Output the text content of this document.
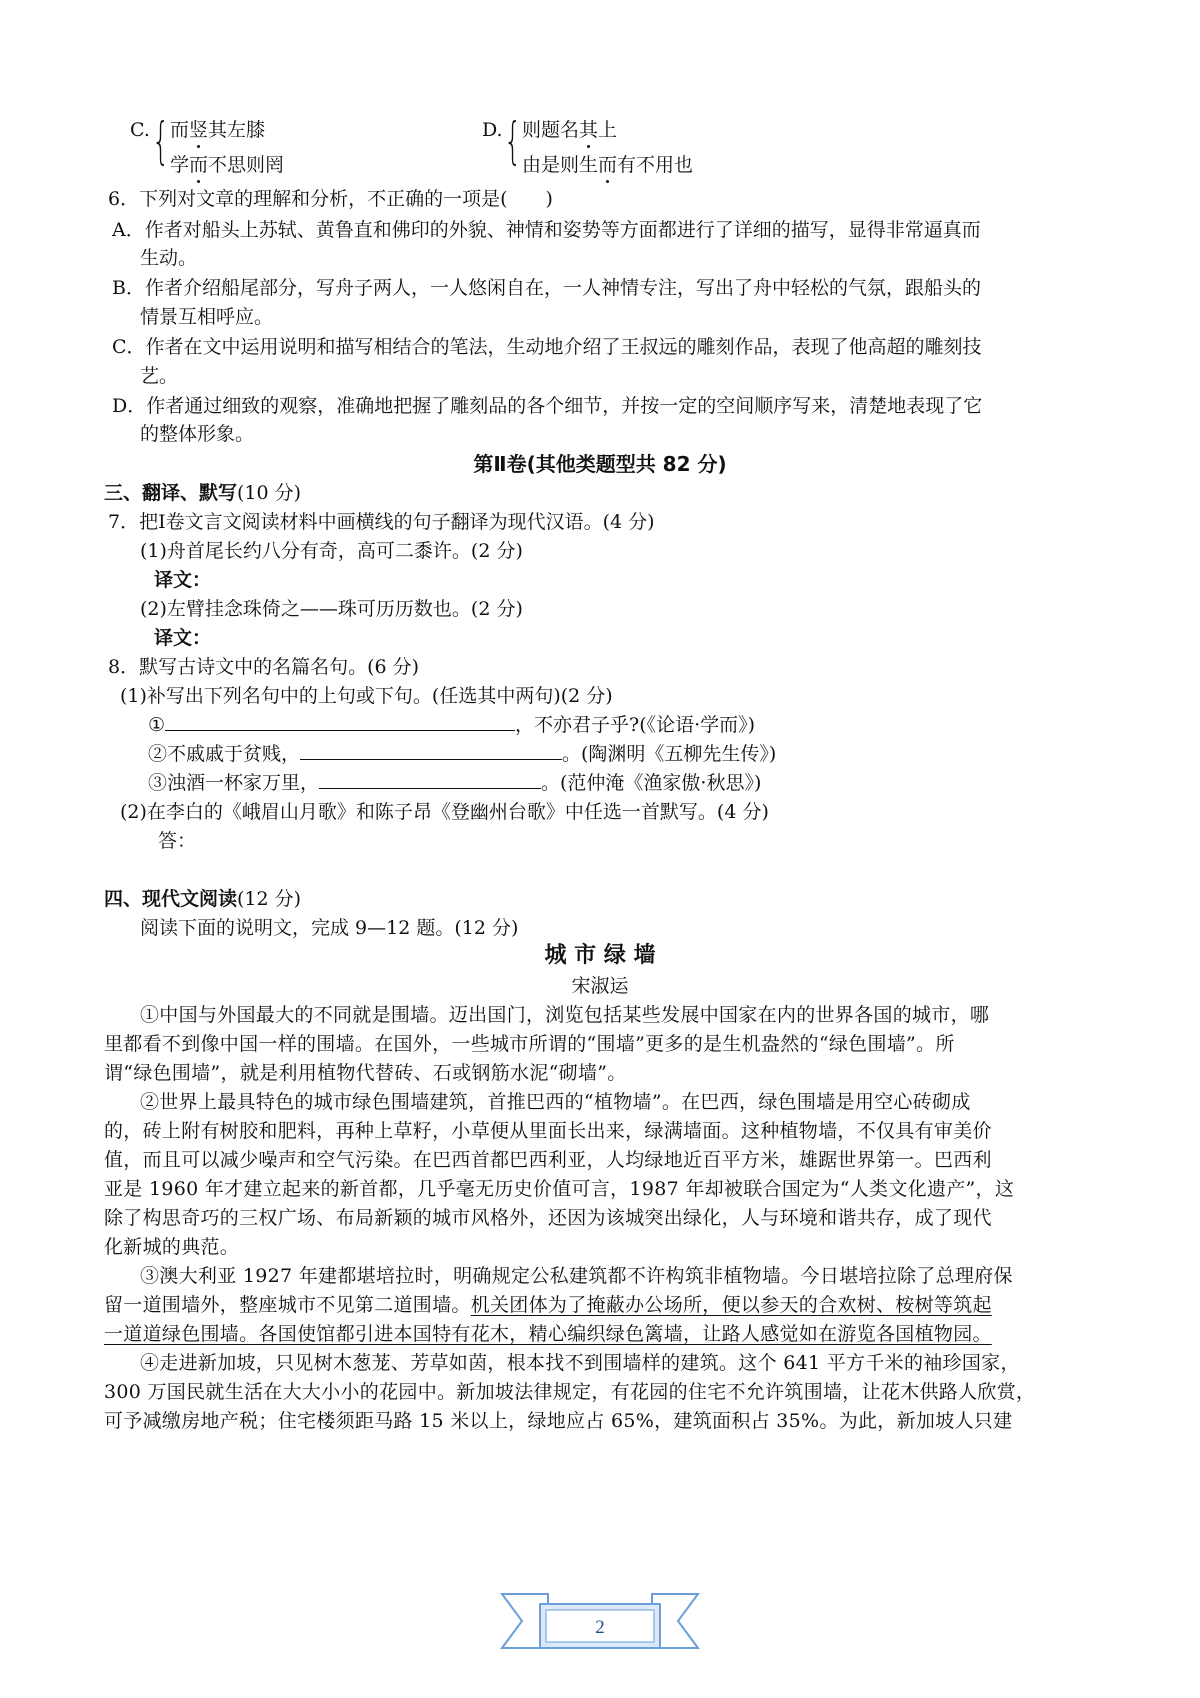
C. { 而竖其左膝
学而不思则罔
D. { 则题名其上
由是则生而有不用也
6．下列对文章的理解和分析，不正确的一项是(　　)
A．作者对船头上苏轼、黄鲁直和佛印的外貌、神情和姿势等方面都进行了详细的描写，显得非常逼真而
生动。
B．作者介绍船尾部分，写舟子两人，一人悠闲自在，一人神情专注，写出了舟中轻松的气氛，跟船头的
情景互相呼应。
C．作者在文中运用说明和描写相结合的笔法，生动地介绍了王叔远的雕刻作品，表现了他高超的雕刻技
艺。
D．作者通过细致的观察，准确地把握了雕刻品的各个细节，并按一定的空间顺序写来，清楚地表现了它
的整体形象。
第Ⅱ卷(其他类题型共 82 分)
三、翻译、默写(10 分)
7．把Ⅰ卷文言文阅读材料中画横线的句子翻译为现代汉语。(4 分)
(1)舟首尾长约八分有奇，高可二黍许。(2 分)
译文：
(2)左臂挂念珠倚之——珠可历历数也。(2 分)
译文：
8．默写古诗文中的名篇名句。(6 分)
(1)补写出下列名句中的上句或下句。(任选其中两句)(2 分)
①	，不亦君子乎?(《论语·学而》)
②不戚戚于贫贱，	。(陶渊明《五柳先生传》)
③浊酒一杯家万里，	。(范仲淹《渔家傲·秋思》)
(2)在李白的《峨眉山月歌》和陈子昂《登幽州台歌》中任选一首默写。(4 分)
答：
四、现代文阅读(12 分)
阅读下面的说明文，完成 9—12 题。(12 分)
城 市 绿 墙
宋淑运
①中国与外国最大的不同就是围墙。迈出国门，浏览包括某些发展中国家在内的世界各国的城市，哪
里都看不到像中国一样的围墙。在国外，一些城市所谓的“围墙”更多的是生机盎然的“绿色围墙”。所
谓“绿色围墙”，就是利用植物代替砖、石或钢筋水泥“砌墙”。
②世界上最具特色的城市绿色围墙建筑，首推巴西的“植物墙”。在巴西，绿色围墙是用空心砖砌成
的，砖上附有树胶和肥料，再种上草籽，小草便从里面长出来，绿满墙面。这种植物墙，不仅具有审美价
值，而且可以减少噪声和空气污染。在巴西首都巴西利亚，人均绿地近百平方米，雄踞世界第一。巴西利
亚是 1960 年才建立起来的新首都，几乎毫无历史价值可言，1987 年却被联合国定为“人类文化遗产”，这
除了构思奇巧的三权广场、布局新颖的城市风格外，还因为该城突出绿化，人与环境和谐共存，成了现代
化新城的典范。
③澳大利亚 1927 年建都堪培拉时，明确规定公私建筑都不许构筑非植物墙。今日堪培拉除了总理府保
留一道围墙外，整座城市不见第二道围墙。机关团体为了掩蔽办公场所，便以参天的合欢树、桉树等筑起
一道道绿色围墙。各国使馆都引进本国特有花木，精心编织绿色篱墙，让路人感觉如在游览各国植物园。
④走进新加坡，只见树木葱茏、芳草如茵，根本找不到围墙样的建筑。这个 641 平方千米的袖珍国家，
300 万国民就生活在大大小小的花园中。新加坡法律规定，有花园的住宅不允许筑围墙，让花木供路人欣赏，
可予减缴房地产税；住宅楼须距马路 15 米以上，绿地应占 65%，建筑面积占 35%。为此，新加坡人只建
2
